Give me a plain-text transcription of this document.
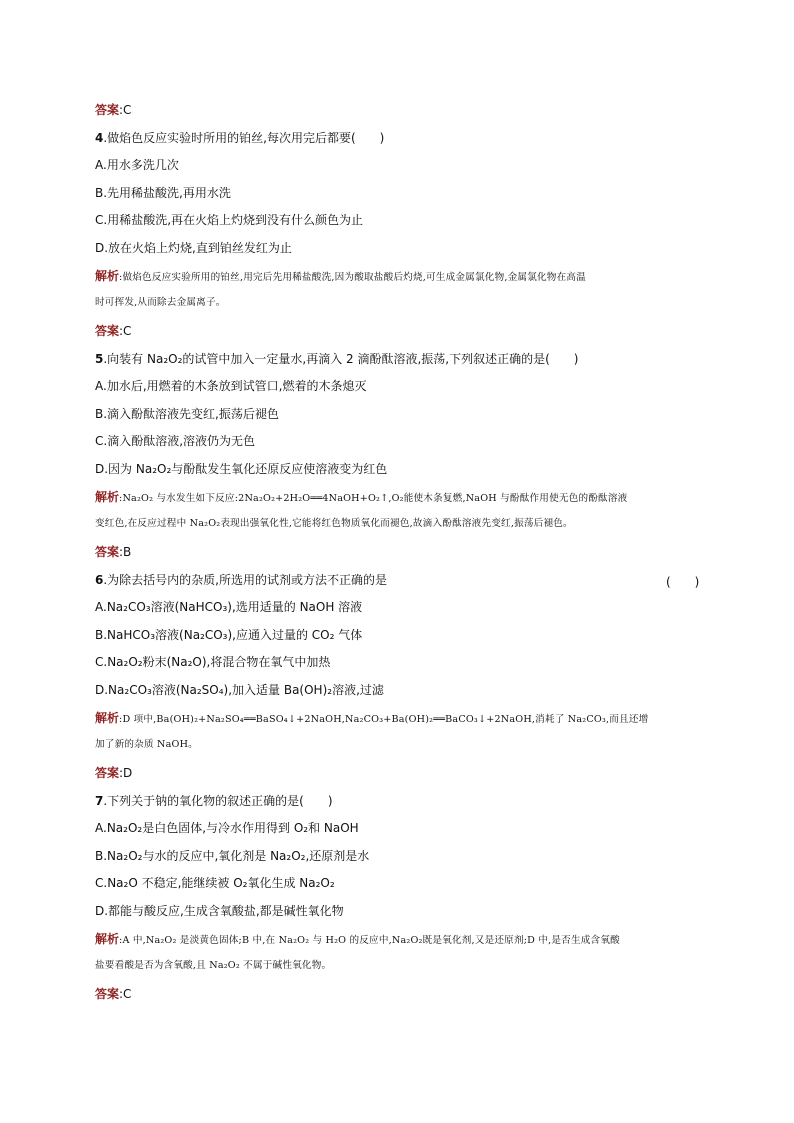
答案:C
4.做焰色反应实验时所用的铂丝,每次用完后都要(　　)
A.用水多洗几次
B.先用稀盐酸洗,再用水洗
C.用稀盐酸洗,再在火焰上灼烧到没有什么颜色为止
D.放在火焰上灼烧,直到铂丝发红为止
解析:做焰色反应实验所用的铂丝,用完后先用稀盐酸洗,因为酸取盐酸后灼烧,可生成金属氯化物,金属氯化物在高温
时可挥发,从而除去金属离子。
答案:C
5.向装有 Na₂O₂的试管中加入一定量水,再滴入 2 滴酚酞溶液,振荡,下列叙述正确的是(　　)
A.加水后,用燃着的木条放到试管口,燃着的木条熄灭
B.滴入酚酞溶液先变红,振荡后褪色
C.滴入酚酞溶液,溶液仍为无色
D.因为 Na₂O₂与酚酞发生氧化还原反应使溶液变为红色
解析:Na₂O₂ 与水发生如下反应:2Na₂O₂+2H₂O══4NaOH+O₂↑,O₂能使木条复燃,NaOH 与酚酞作用使无色的酚酞溶液
变红色,在反应过程中 Na₂O₂表现出强氧化性,它能将红色物质氧化而褪色,故滴入酚酞溶液先变红,振荡后褪色。
答案:B
6.为除去括号内的杂质,所选用的试剂或方法不正确的是	(　　)
A.Na₂CO₃溶液(NaHCO₃),选用适量的 NaOH 溶液
B.NaHCO₃溶液(Na₂CO₃),应通入过量的 CO₂ 气体
C.Na₂O₂粉末(Na₂O),将混合物在氧气中加热
D.Na₂CO₃溶液(Na₂SO₄),加入适量 Ba(OH)₂溶液,过滤
解析:D 项中,Ba(OH)₂+Na₂SO₄══BaSO₄↓+2NaOH,Na₂CO₃+Ba(OH)₂══BaCO₃↓+2NaOH,消耗了 Na₂CO₃,而且还增
加了新的杂质 NaOH。
答案:D
7.下列关于钠的氧化物的叙述正确的是(　　)
A.Na₂O₂是白色固体,与冷水作用得到 O₂和 NaOH
B.Na₂O₂与水的反应中,氧化剂是 Na₂O₂,还原剂是水
C.Na₂O 不稳定,能继续被 O₂氧化生成 Na₂O₂
D.都能与酸反应,生成含氧酸盐,都是碱性氧化物
解析:A 中,Na₂O₂ 是淡黄色固体;B 中,在 Na₂O₂ 与 H₂O 的反应中,Na₂O₂既是氧化剂,又是还原剂;D 中,是否生成含氧酸
盐要看酸是否为含氧酸,且 Na₂O₂ 不属于碱性氧化物。
答案:C
